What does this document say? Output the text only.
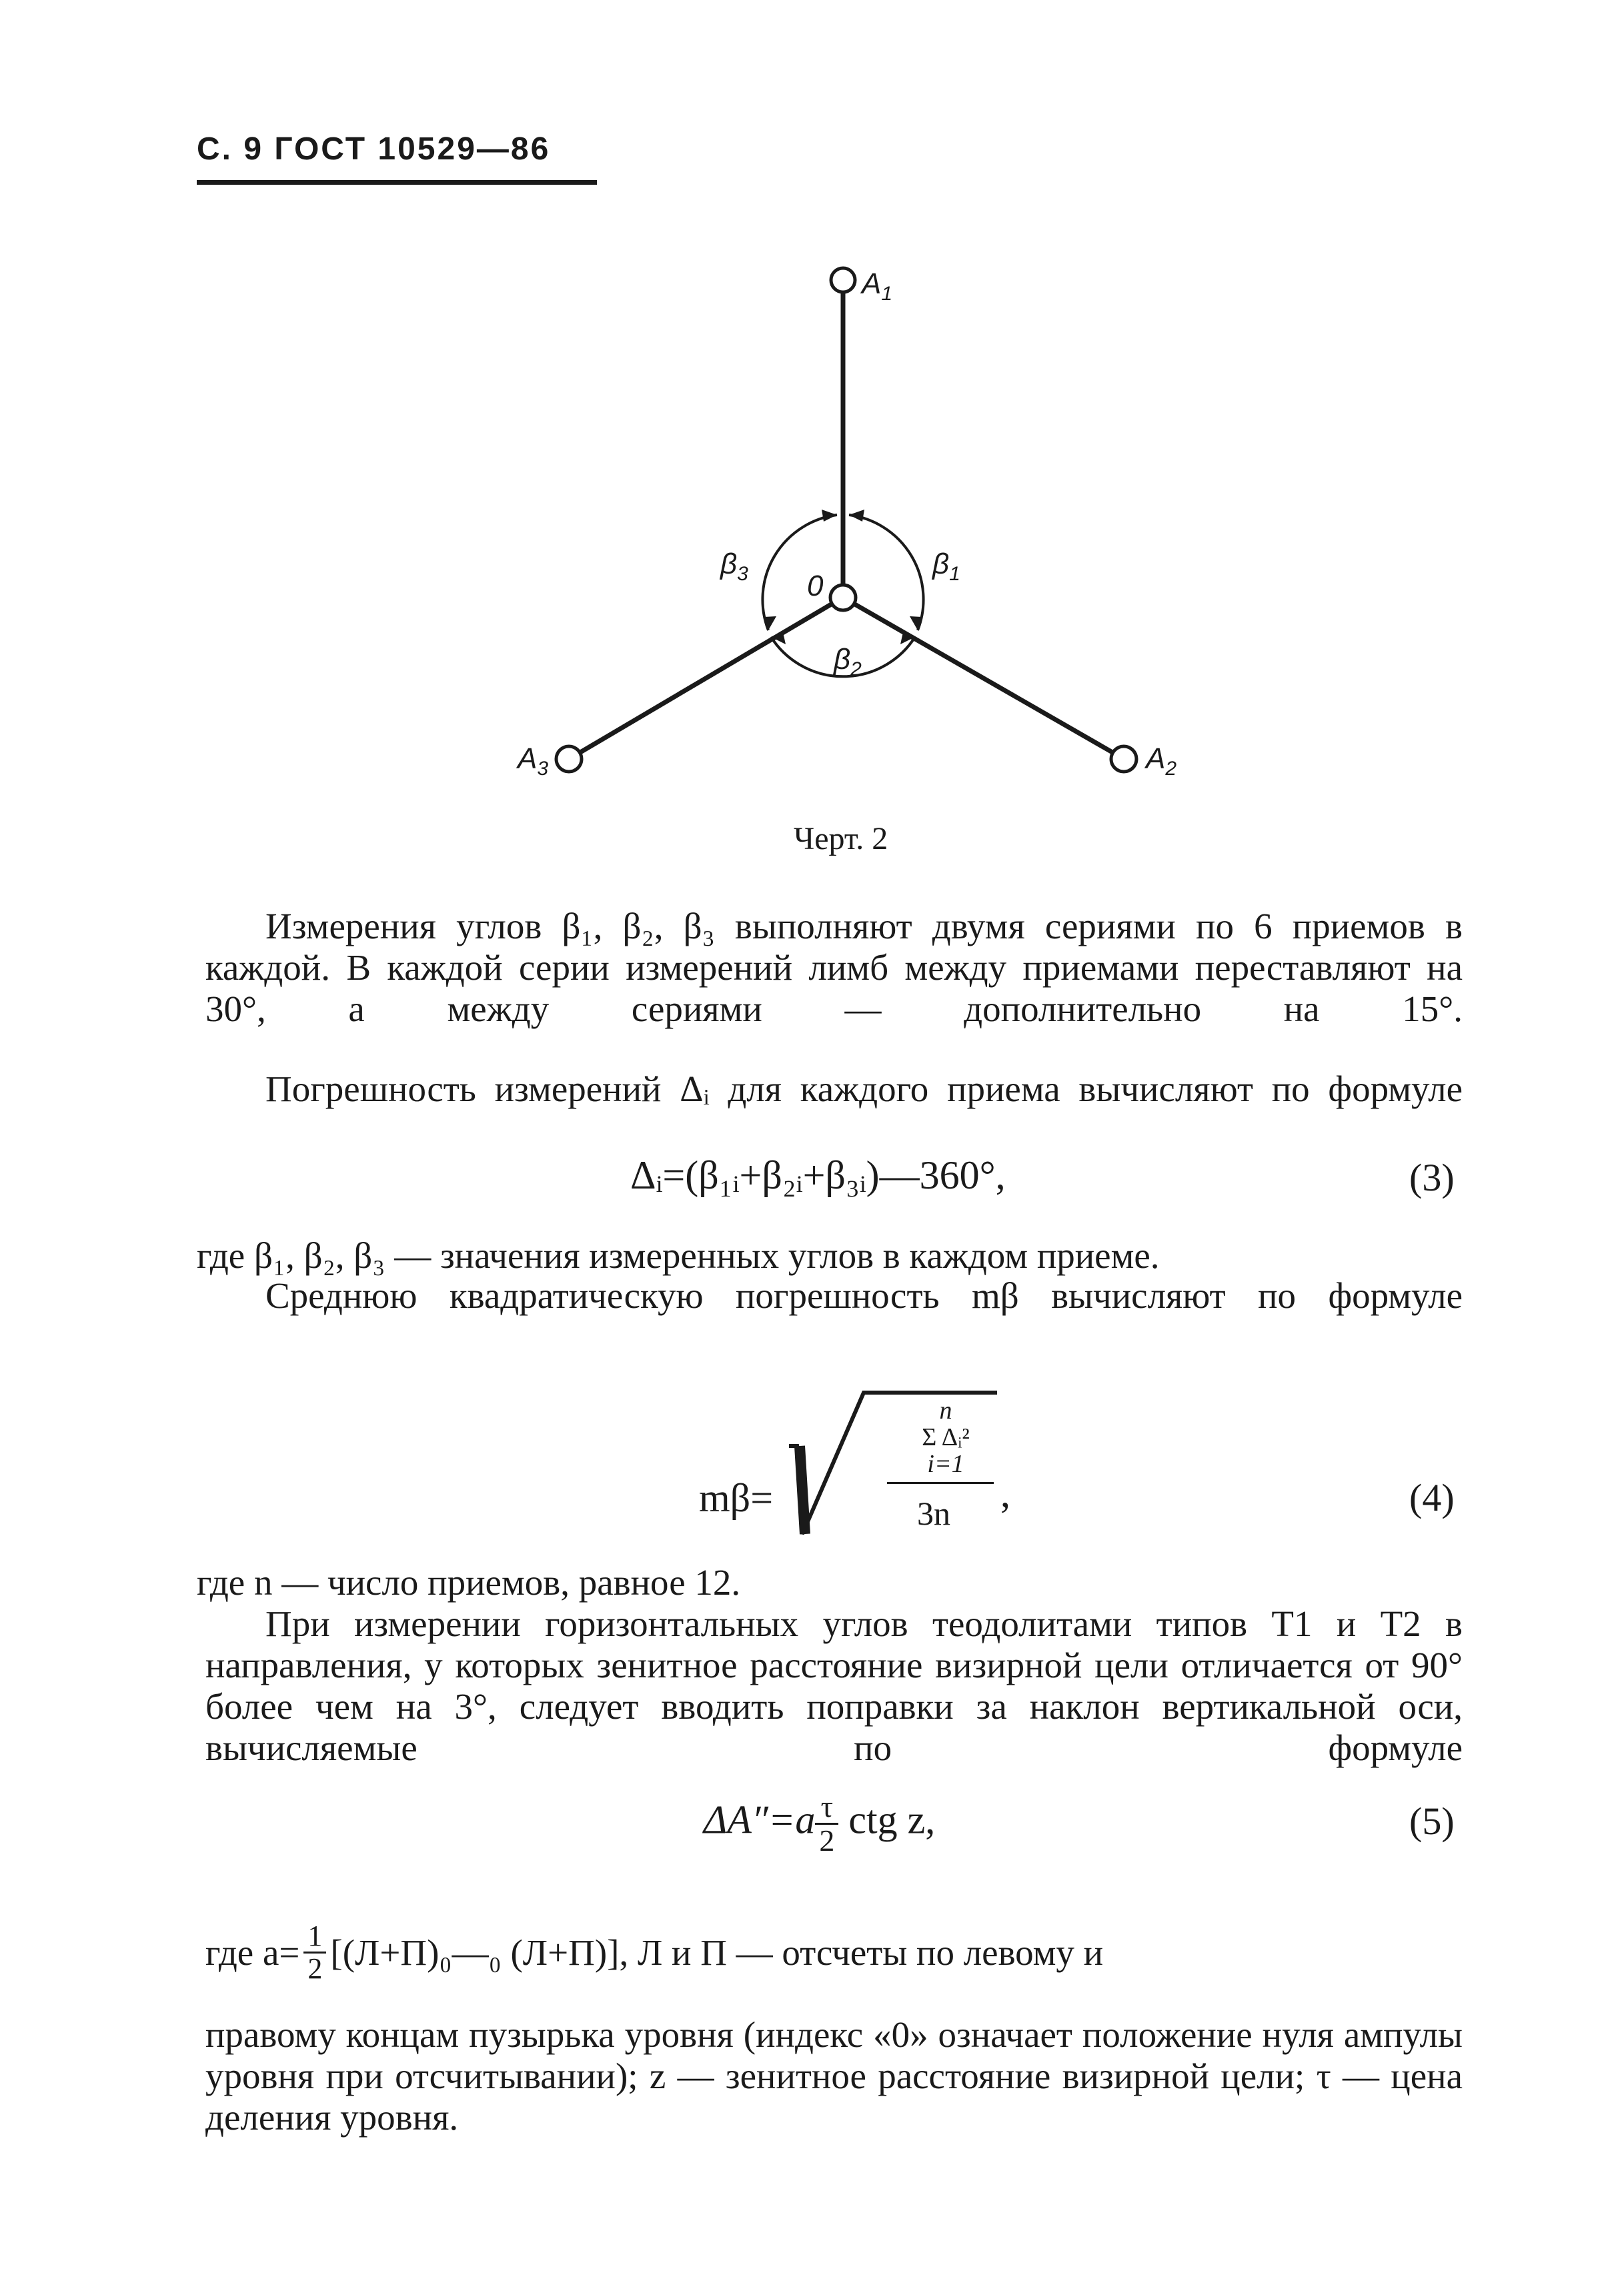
С. 9 ГОСТ 10529—86
$A_1$
$A_2$
$A_3$
0
$\beta_1$
$\beta_2$
$\beta_3$
Черт. 2
Измерения углов β₁, β₂, β₃ выполняют двумя сериями по 6 приемов в каждой. В каждой серии измерений лимб между приемами переставляют на 30°, а между сериями — дополнительно на 15°.
Погрешность измерений Δᵢ для каждого приема вычисляют по формуле
Δᵢ=(β₁ᵢ+β₂ᵢ+β₃ᵢ)—360°,	(3)
где β₁, β₂, β₃ — значения измеренных углов в каждом приеме.
Среднюю квадратическую погрешность mβ вычисляют по формуле
mβ=
n
Σ Δᵢ²
i=1
3n ,	(4)
где n — число приемов, равное 12.
При измерении горизонтальных углов теодолитами типов T1 и T2 в направления, у которых зенитное расстояние визирной цели отличается от 90° более чем на 3°, следует вводить поправки за наклон вертикальной оси, вычисляемые по формуле
$\Delta A''=a \frac{\tau}{2}$ ctg z,	(5)
где $a= \frac{1}{2}$ [(Л+П)₀—₀ (Л+П)], Л и П — отсчеты по левому и
правому концам пузырька уровня (индекс «0» означает положение нуля ампулы уровня при отсчитывании); z — зенитное расстояние визирной цели; τ — цена деления уровня.
